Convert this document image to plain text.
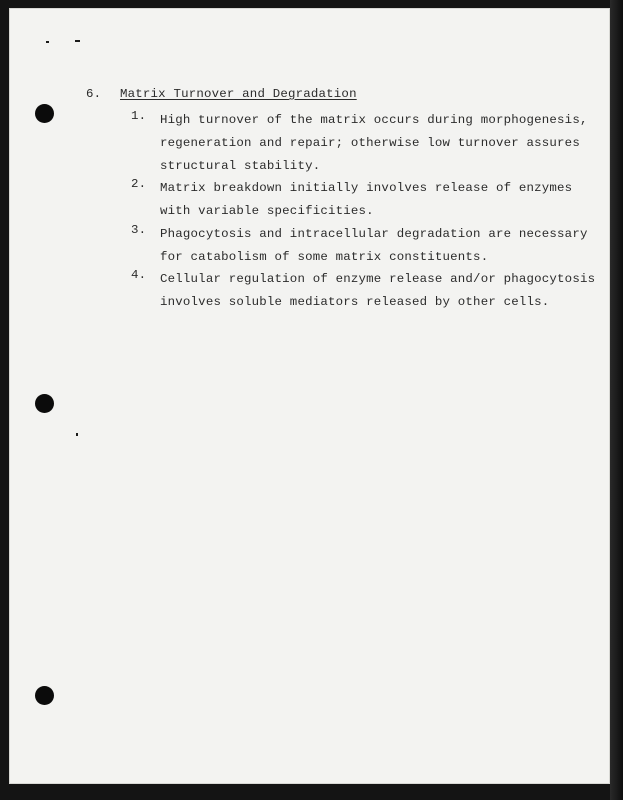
6. Matrix Turnover and Degradation
1.	High turnover of the matrix occurs during morphogenesis,
regeneration and repair; otherwise low turnover assures
structural stability.
2.	Matrix breakdown initially involves release of enzymes
with variable specificities.
3.	Phagocytosis and intracellular degradation are necessary
for catabolism of some matrix constituents.
4.	Cellular regulation of enzyme release and/or phagocytosis
involves soluble mediators released by other cells.
